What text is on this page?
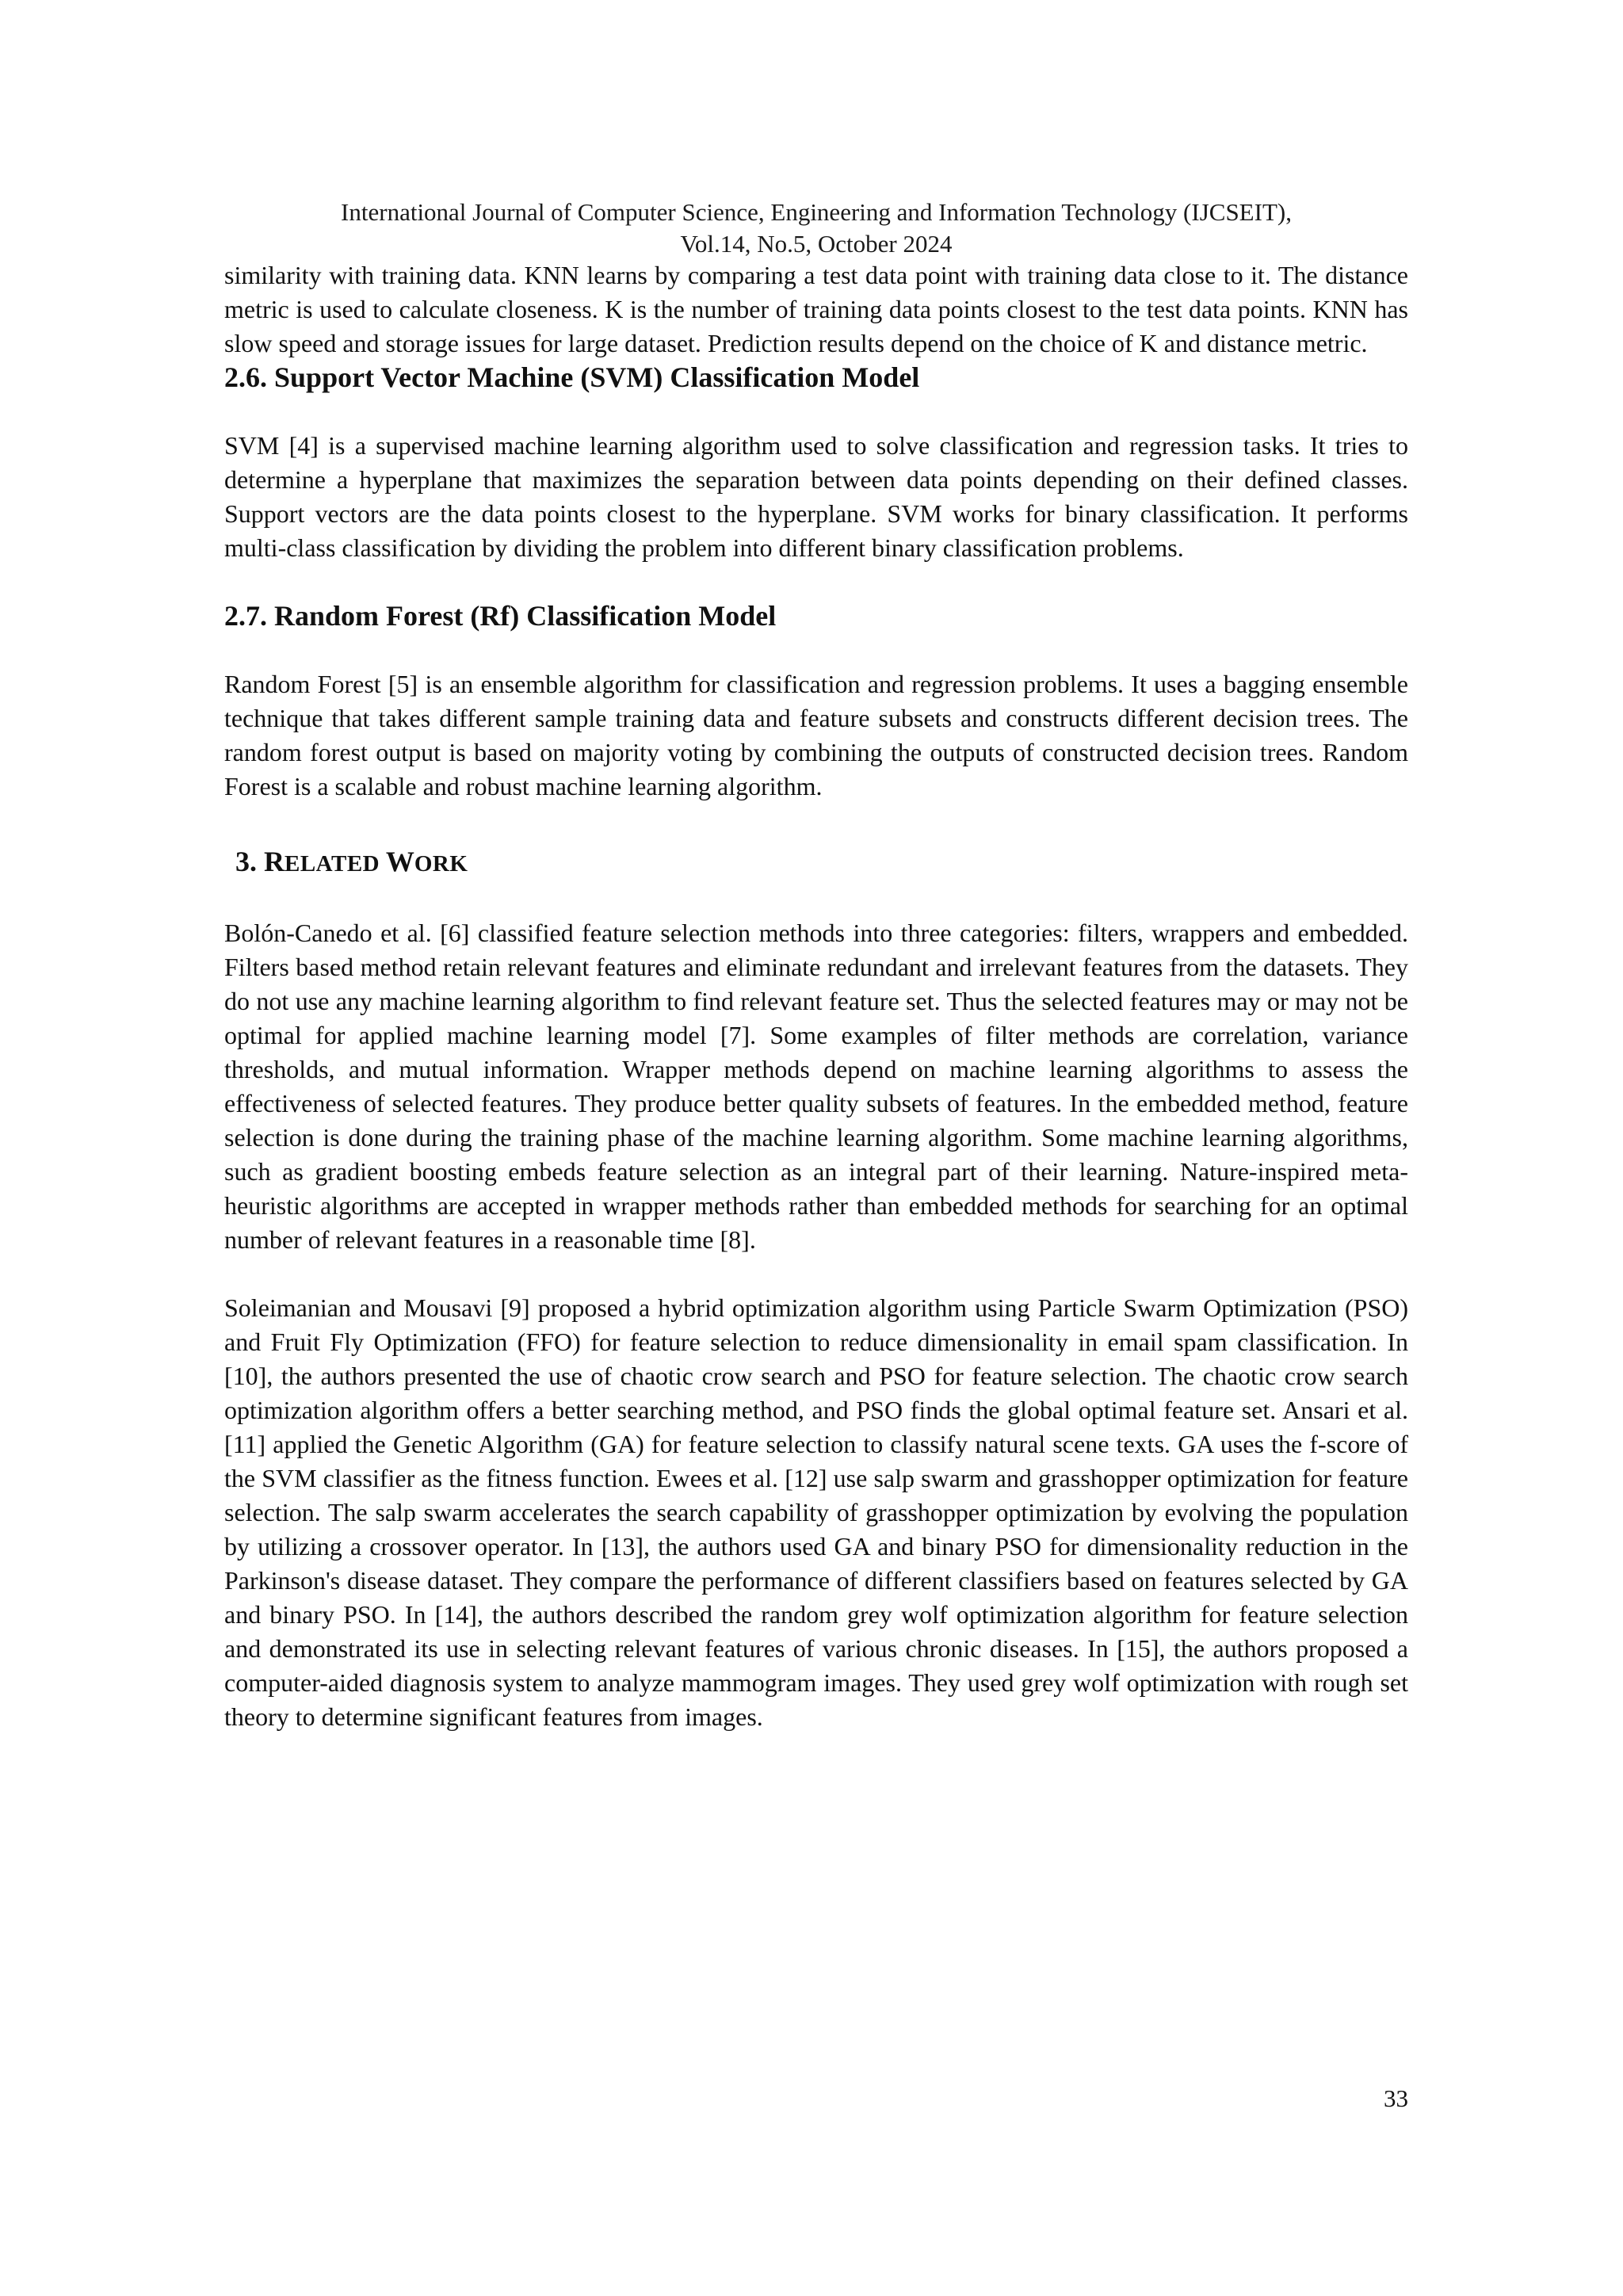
International Journal of Computer Science, Engineering and Information Technology (IJCSEIT),
Vol.14, No.5, October 2024

similarity with training data. KNN learns by comparing a test data point with training data close to it. The distance metric is used to calculate closeness. K is the number of training data points closest to the test data points. KNN has slow speed and storage issues for large dataset. Prediction results depend on the choice of K and distance metric.

2.6. Support Vector Machine (SVM) Classification Model

SVM [4] is a supervised machine learning algorithm used to solve classification and regression tasks. It tries to determine a hyperplane that maximizes the separation between data points depending on their defined classes. Support vectors are the data points closest to the hyperplane. SVM works for binary classification. It performs multi-class classification by dividing the problem into different binary classification problems.

2.7. Random Forest (Rf) Classification Model

Random Forest [5] is an ensemble algorithm for classification and regression problems. It uses a bagging ensemble technique that takes different sample training data and feature subsets and constructs different decision trees. The random forest output is based on majority voting by combining the outputs of constructed decision trees. Random Forest is a scalable and robust machine learning algorithm.

3. RELATED WORK

Bolón-Canedo et al. [6] classified feature selection methods into three categories: filters, wrappers and embedded. Filters based method retain relevant features and eliminate redundant and irrelevant features from the datasets. They do not use any machine learning algorithm to find relevant feature set. Thus the selected features may or may not be optimal for applied machine learning model [7]. Some examples of filter methods are correlation, variance thresholds, and mutual information. Wrapper methods depend on machine learning algorithms to assess the effectiveness of selected features. They produce better quality subsets of features. In the embedded method, feature selection is done during the training phase of the machine learning algorithm. Some machine learning algorithms, such as gradient boosting embeds feature selection as an integral part of their learning. Nature-inspired meta-heuristic algorithms are accepted in wrapper methods rather than embedded methods for searching for an optimal number of relevant features in a reasonable time [8].

Soleimanian and Mousavi [9] proposed a hybrid optimization algorithm using Particle Swarm Optimization (PSO) and Fruit Fly Optimization (FFO) for feature selection to reduce dimensionality in email spam classification. In [10], the authors presented the use of chaotic crow search and PSO for feature selection. The chaotic crow search optimization algorithm offers a better searching method, and PSO finds the global optimal feature set. Ansari et al. [11] applied the Genetic Algorithm (GA) for feature selection to classify natural scene texts. GA uses the f-score of the SVM classifier as the fitness function. Ewees et al. [12] use salp swarm and grasshopper optimization for feature selection. The salp swarm accelerates the search capability of grasshopper optimization by evolving the population by utilizing a crossover operator. In [13], the authors used GA and binary PSO for dimensionality reduction in the Parkinson's disease dataset. They compare the performance of different classifiers based on features selected by GA and binary PSO. In [14], the authors described the random grey wolf optimization algorithm for feature selection and demonstrated its use in selecting relevant features of various chronic diseases. In [15], the authors proposed a computer-aided diagnosis system to analyze mammogram images. They used grey wolf optimization with rough set theory to determine significant features from images.

33
